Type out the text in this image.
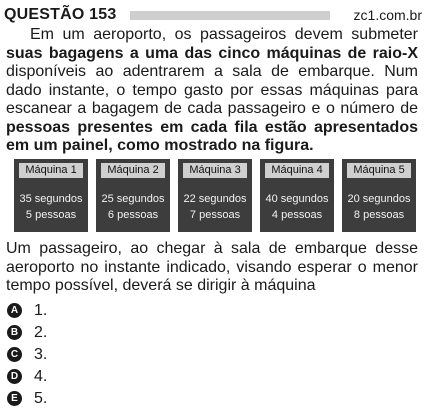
QUESTÃO 153	zc1.com.br
Em um aeroporto, os passageiros devem submeter suas bagagens a uma das cinco máquinas de raio-X disponíveis ao adentrarem a sala de embarque. Num dado instante, o tempo gasto por essas máquinas para escanear a bagagem de cada passageiro e o número de pessoas presentes em cada fila estão apresentados em um painel, como mostrado na figura.
Máquina 1
35 segundos
5 pessoas
Máquina 2
25 segundos
6 pessoas
Máquina 3
22 segundos
7 pessoas
Máquina 4
40 segundos
4 pessoas
Máquina 5
20 segundos
8 pessoas
Um passageiro, ao chegar à sala de embarque desse aeroporto no instante indicado, visando esperar o menor tempo possível, deverá se dirigir à máquina
A 1.
B 2.
C 3.
D 4.
E 5.
